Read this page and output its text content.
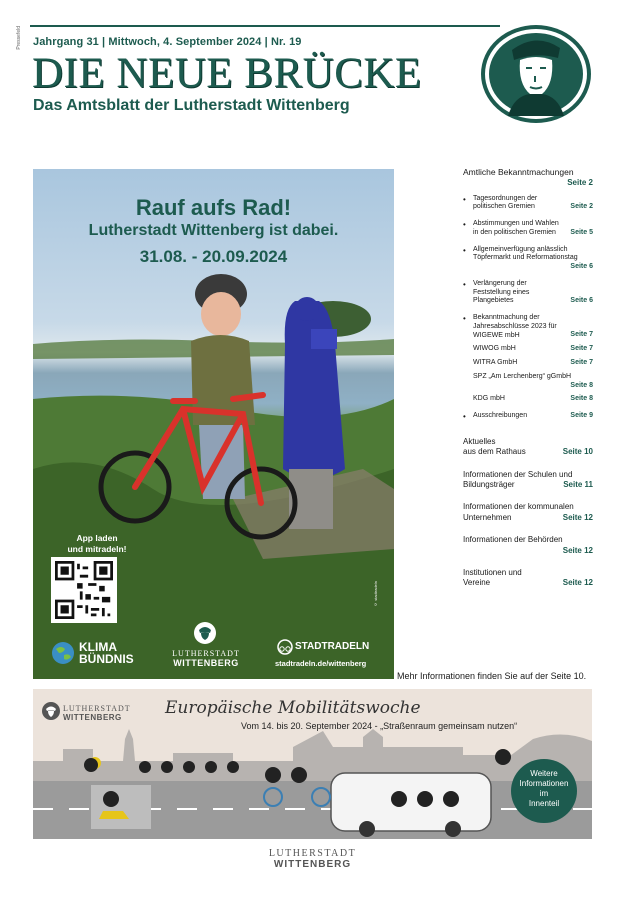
Pressefeld Jahrgang 31 | Mittwoch, 4. September 2024 | Nr. 19
DIE NEUE BRÜCKE
Das Amtsblatt der Lutherstadt Wittenberg
Rauf aufs Rad!
Lutherstadt Wittenberg ist dabei.
31.08. - 20.09.2024
App laden
und mitradeln!
KLIMA
BÜNDNIS	LUTHERSTADT
WITTENBERG
STADTRADELN
stadtradeln.de/wittenberg
© stadtradeln
Mehr Informationen finden Sie auf der Seite 10.
Amtliche Bekanntmachungen
Seite 2
• Tagesordnungen der politischen Gremien	Seite 2
• Abstimmungen und Wahlen in den politischen Gremien	Seite 5
• Allgemeinverfügung anlässlich Töpfermarkt und Reformationstag
Seite 6
• Verlängerung der Feststellung eines Plangebietes	Seite 6
• Bekanntmachung der Jahresabschlüsse 2023 für WIGEWE mbH	Seite 7
WIWOG mbH	Seite 7
WITRA GmbH	Seite 7
SPZ „Am Lerchenberg“ gGmbH
Seite 8
KDG mbH	Seite 8
• Ausschreibungen	Seite 9
Aktuelles
aus dem Rathaus	Seite 10
Informationen der Schulen und
Bildungsträger	Seite 11
Informationen der kommunalen
Unternehmen	Seite 12
Informationen der Behörden
Seite 12
Institutionen und
Vereine	Seite 12
LUTHERSTADT
WITTENBERG	Europäische Mobilitätswoche
Vom 14. bis 20. September 2024 - „Straßenraum gemeinsam nutzen“
Weitere
Informationen
im
Innenteil
LUTHERSTADT
WITTENBERG
